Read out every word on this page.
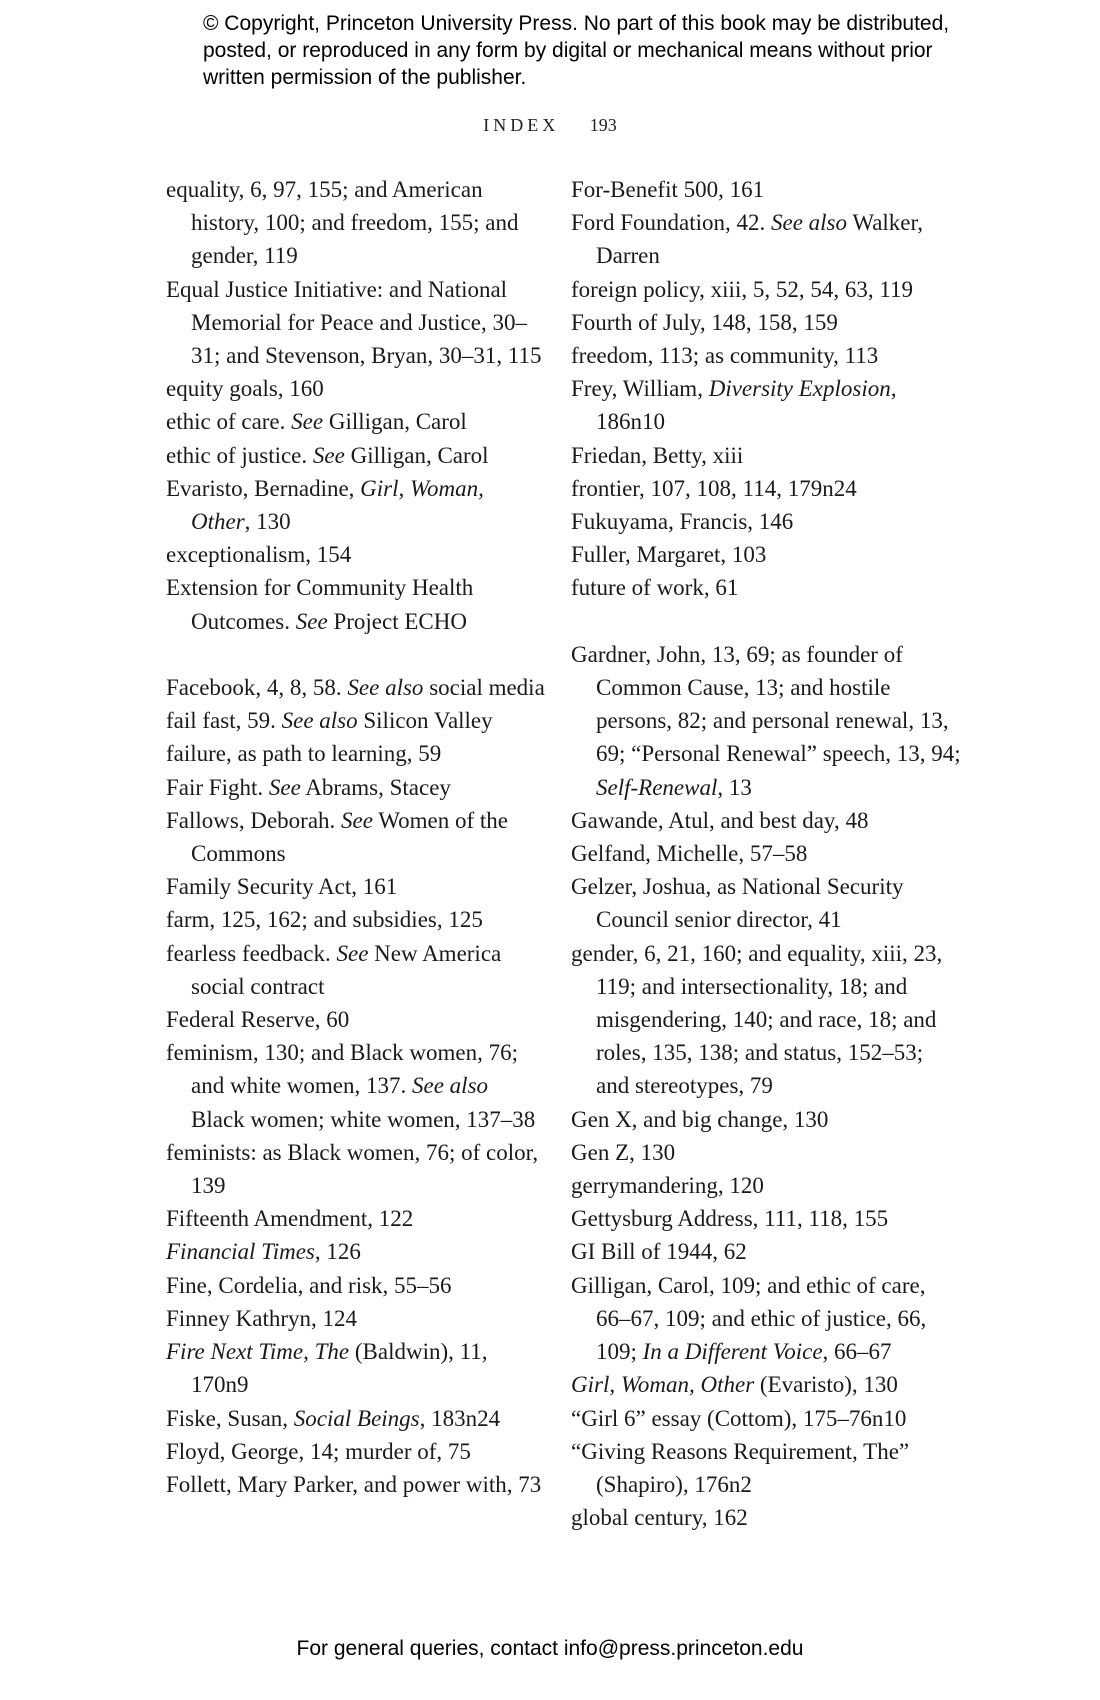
© Copyright, Princeton University Press. No part of this book may be distributed, posted, or reproduced in any form by digital or mechanical means without prior written permission of the publisher.
INDEX 193

equality, 6, 97, 155; and American history, 100; and freedom, 155; and gender, 119

Equal Justice Initiative: and National Memorial for Peace and Justice, 30–31; and Stevenson, Bryan, 30–31, 115

equity goals, 160

ethic of care. See Gilligan, Carol

ethic of justice. See Gilligan, Carol

Evaristo, Bernadine, Girl, Woman, Other, 130

exceptionalism, 154

Extension for Community Health Outcomes. See Project ECHO

Facebook, 4, 8, 58. See also social media

fail fast, 59. See also Silicon Valley

failure, as path to learning, 59

Fair Fight. See Abrams, Stacey

Fallows, Deborah. See Women of the Commons

Family Security Act, 161

farm, 125, 162; and subsidies, 125

fearless feedback. See New America social contract

Federal Reserve, 60

feminism, 130; and Black women, 76; and white women, 137. See also Black women; white women, 137–38

feminists: as Black women, 76; of color, 139

Fifteenth Amendment, 122

Financial Times, 126

Fine, Cordelia, and risk, 55–56

Finney Kathryn, 124

Fire Next Time, The (Baldwin), 11, 170n9

Fiske, Susan, Social Beings, 183n24

Floyd, George, 14; murder of, 75

Follett, Mary Parker, and power with, 73

For-Benefit 500, 161

Ford Foundation, 42. See also Walker, Darren

foreign policy, xiii, 5, 52, 54, 63, 119

Fourth of July, 148, 158, 159

freedom, 113; as community, 113

Frey, William, Diversity Explosion, 186n10

Friedan, Betty, xiii

frontier, 107, 108, 114, 179n24

Fukuyama, Francis, 146

Fuller, Margaret, 103

future of work, 61

Gardner, John, 13, 69; as founder of Common Cause, 13; and hostile persons, 82; and personal renewal, 13, 69; “Personal Renewal” speech, 13, 94; Self-Renewal, 13

Gawande, Atul, and best day, 48

Gelfand, Michelle, 57–58

Gelzer, Joshua, as National Security Council senior director, 41

gender, 6, 21, 160; and equality, xiii, 23, 119; and intersectionality, 18; and misgendering, 140; and race, 18; and roles, 135, 138; and status, 152–53; and stereotypes, 79

Gen X, and big change, 130

Gen Z, 130

gerrymandering, 120

Gettysburg Address, 111, 118, 155

GI Bill of 1944, 62

Gilligan, Carol, 109; and ethic of care, 66–67, 109; and ethic of justice, 66, 109; In a Different Voice, 66–67

Girl, Woman, Other (Evaristo), 130

“Girl 6” essay (Cottom), 175–76n10

“Giving Reasons Requirement, The” (Shapiro), 176n2

global century, 162

For general queries, contact info@press.princeton.edu
